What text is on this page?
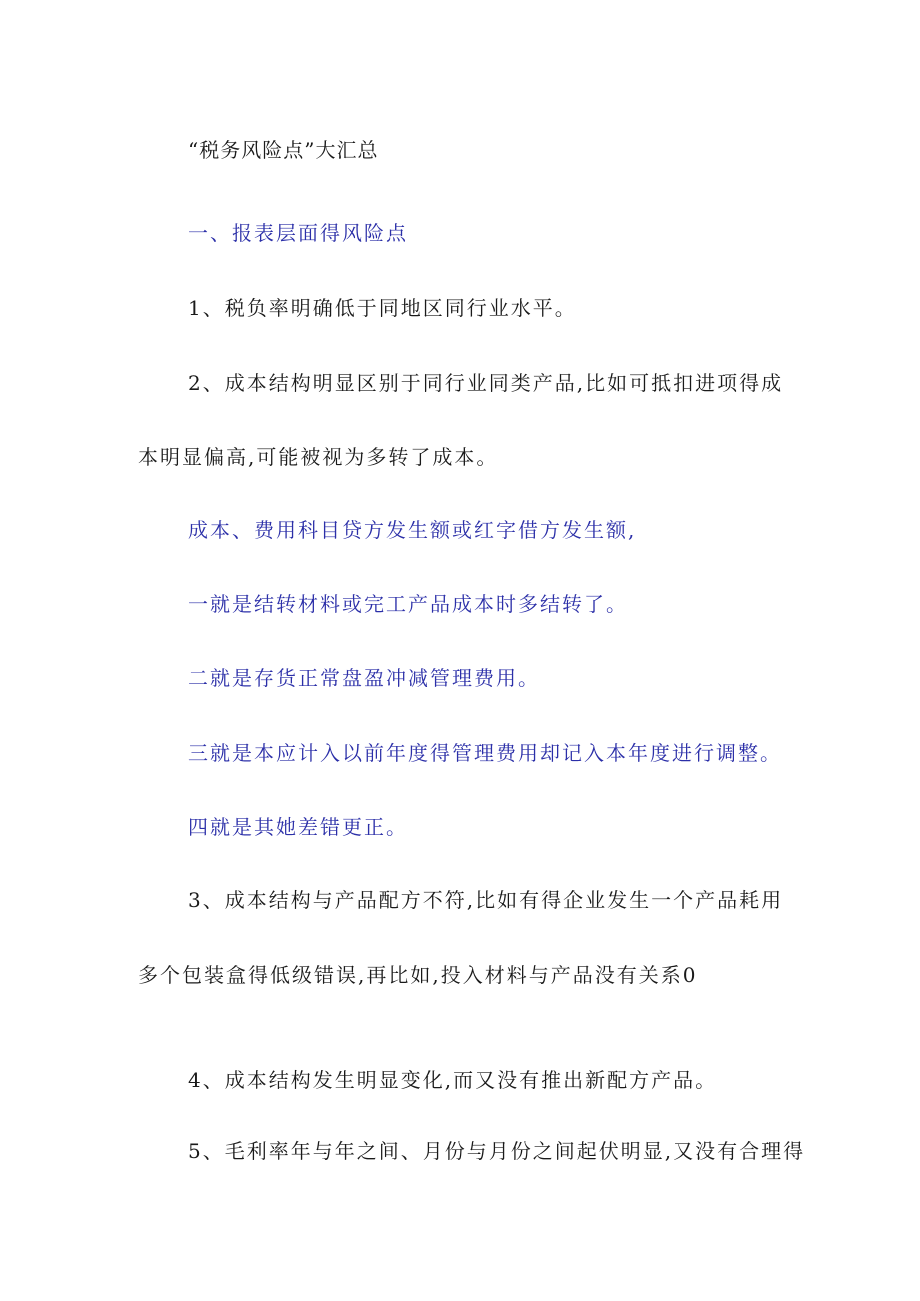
“税务风险点”大汇总
一、报表层面得风险点
1、税负率明确低于同地区同行业水平。
2、成本结构明显区别于同行业同类产品,比如可抵扣进项得成
本明显偏高,可能被视为多转了成本。
成本、费用科目贷方发生额或红字借方发生额,
一就是结转材料或完工产品成本时多结转了。
二就是存货正常盘盈冲减管理费用。
三就是本应计入以前年度得管理费用却记入本年度进行调整。
四就是其她差错更正。
3、成本结构与产品配方不符,比如有得企业发生一个产品耗用
多个包装盒得低级错误,再比如,投入材料与产品没有关系0
4、成本结构发生明显变化,而又没有推出新配方产品。
5、毛利率年与年之间、月份与月份之间起伏明显,又没有合理得
